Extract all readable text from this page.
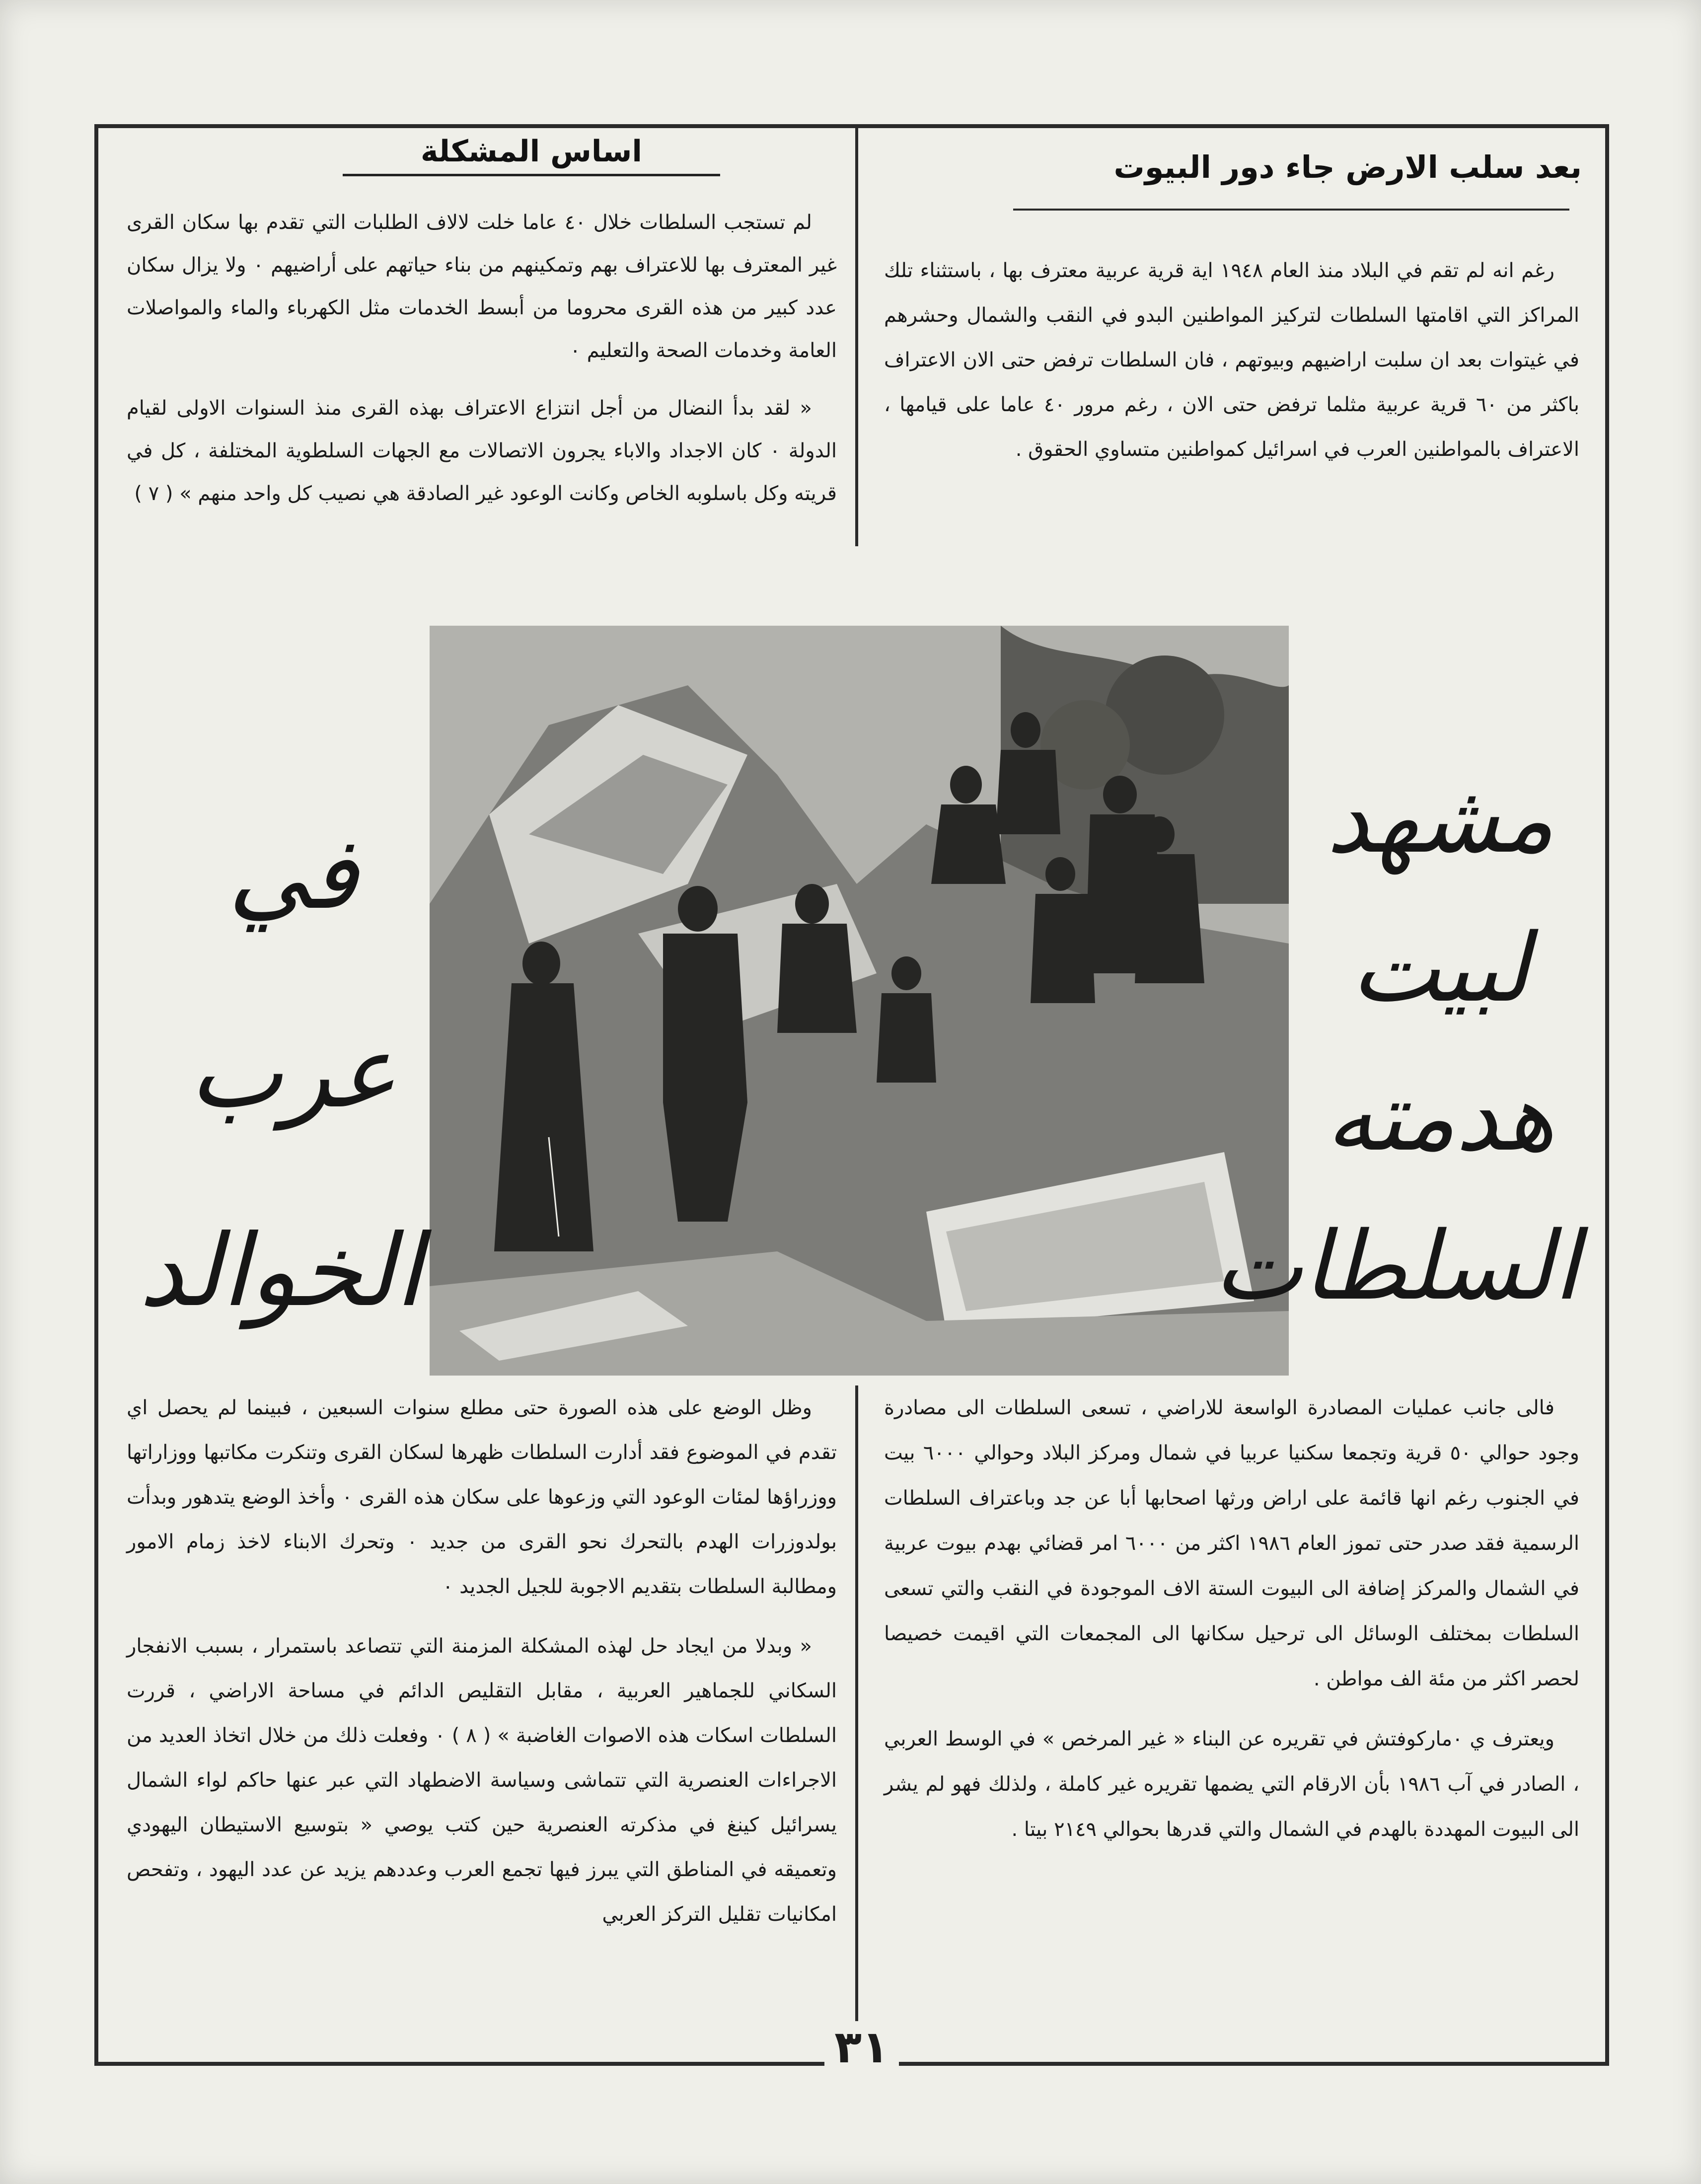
بعد سلب الارض جاء دور البيوت

رغم انه لم تقم في البلاد منذ العام ١٩٤٨ اية قرية عربية معترف بها ، باستثناء تلك المراكز التي اقامتها السلطات لتركيز المواطنين البدو في النقب والشمال وحشرهم في غيتوات بعد ان سلبت اراضيهم وبيوتهم ، فان السلطات ترفض حتى الان الاعتراف باكثر من ٦٠ قرية عربية مثلما ترفض حتى الان ، رغم مرور ٤٠ عاما على قيامها ، الاعتراف بالمواطنين العرب في اسرائيل كمواطنين متساوي الحقوق .

اساس المشكلة

لم تستجب السلطات خلال ٤٠ عاما خلت لالاف الطلبات التي تقدم بها سكان القرى غير المعترف بها للاعتراف بهم وتمكينهم من بناء حياتهم على أراضيهم ٠ ولا يزال سكان عدد كبير من هذه القرى محروما من أبسط الخدمات مثل الكهرباء والماء والمواصلات العامة وخدمات الصحة والتعليم ٠

« لقد بدأ النضال من أجل انتزاع الاعتراف بهذه القرى منذ السنوات الاولى لقيام الدولة ٠ كان الاجداد والاباء يجرون الاتصالات مع الجهات السلطوية المختلفة ، كل في قريته وكل باسلوبه الخاص وكانت الوعود غير الصادقة هي نصيب كل واحد منهم » ( ٧ )

مشهد
لبيت
هدمته
السلطات
في
عرب
الخوالد

فالى جانب عمليات المصادرة الواسعة للاراضي ، تسعى السلطات الى مصادرة وجود حوالي ٥٠ قرية وتجمعا سكنيا عربيا في شمال ومركز البلاد وحوالي ٦٠٠٠ بيت في الجنوب رغم انها قائمة على اراض ورثها اصحابها أبا عن جد وباعتراف السلطات الرسمية فقد صدر حتى تموز العام ١٩٨٦ اكثر من ٦٠٠٠ امر قضائي بهدم بيوت عربية في الشمال والمركز إضافة الى البيوت الستة الاف الموجودة في النقب والتي تسعى السلطات بمختلف الوسائل الى ترحيل سكانها الى المجمعات التي اقيمت خصيصا لحصر اكثر من مئة الف مواطن .

ويعترف ي ٠ماركوفتش في تقريره عن البناء « غير المرخص » في الوسط العربي ، الصادر في آب ١٩٨٦ بأن الارقام التي يضمها تقريره غير كاملة ، ولذلك فهو لم يشر الى البيوت المهددة بالهدم في الشمال والتي قدرها بحوالي ٢١٤٩ بيتا .

وظل الوضع على هذه الصورة حتى مطلع سنوات السبعين ، فبينما لم يحصل اي تقدم في الموضوع فقد أدارت السلطات ظهرها لسكان القرى وتنكرت مكاتبها ووزاراتها ووزراؤها لمئات الوعود التي وزعوها على سكان هذه القرى ٠ وأخذ الوضع يتدهور وبدأت بولدوزرات الهدم بالتحرك نحو القرى من جديد ٠ وتحرك الابناء لاخذ زمام الامور ومطالبة السلطات بتقديم الاجوبة للجيل الجديد ٠

« وبدلا من ايجاد حل لهذه المشكلة المزمنة التي تتصاعد باستمرار ، بسبب الانفجار السكاني للجماهير العربية ، مقابل التقليص الدائم في مساحة الاراضي ، قررت السلطات اسكات هذه الاصوات الغاضبة » ( ٨ ) ٠ وفعلت ذلك من خلال اتخاذ العديد من الاجراءات العنصرية التي تتماشى وسياسة الاضطهاد التي عبر عنها حاكم لواء الشمال يسرائيل كينغ في مذكرته العنصرية حين كتب يوصي « بتوسيع الاستيطان اليهودي وتعميقه في المناطق التي يبرز فيها تجمع العرب وعددهم يزيد عن عدد اليهود ، وتفحص امكانيات تقليل التركز العربي

٣١
